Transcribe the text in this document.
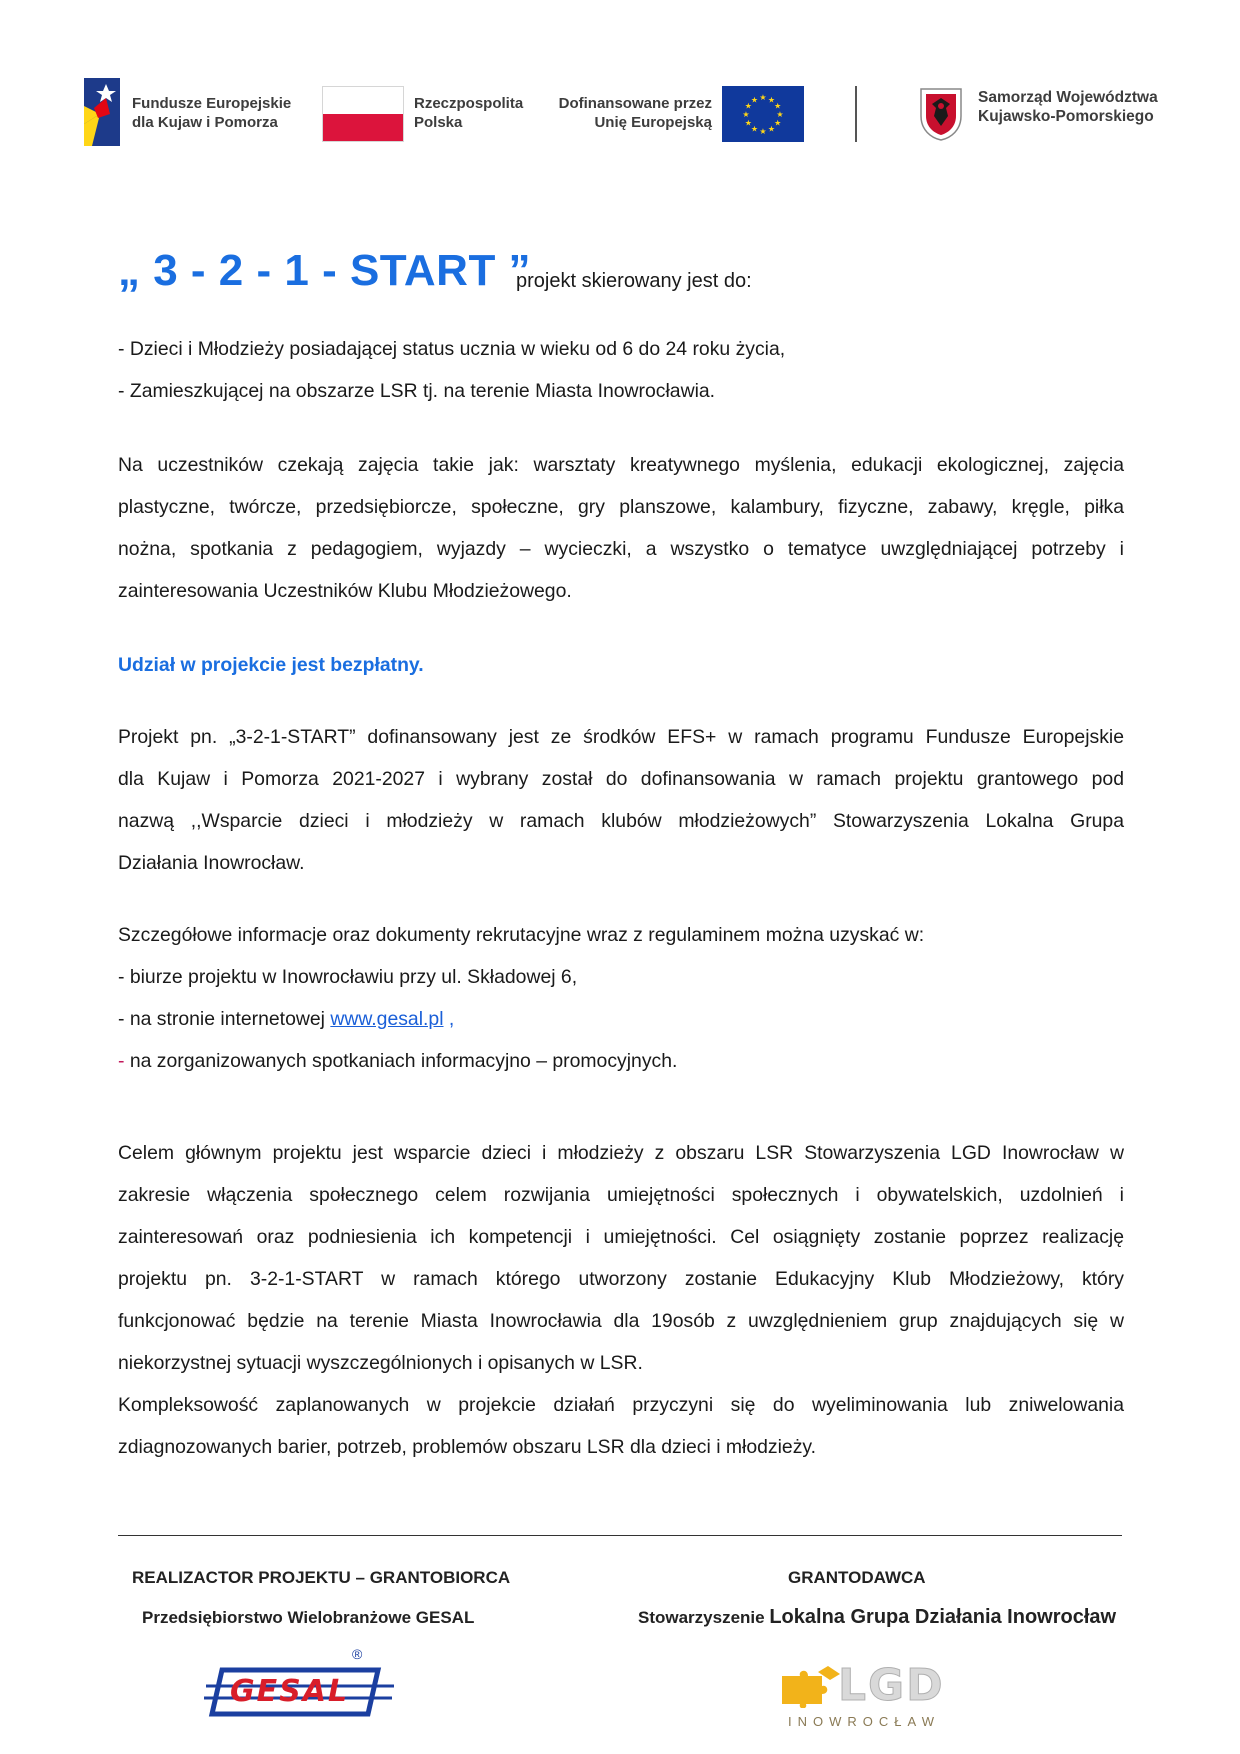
Fundusze Europejskie
dla Kujaw i Pomorza
Rzeczpospolita
Polska
Dofinansowane przez
Unię Europejską
★ ★
★
★
★
★
★
★
★
★
★
★	Samorząd Województwa
Kujawsko-Pomorskiego
„ 3 - 2 - 1 - START ”
projekt skierowany jest do:
- Dzieci i Młodzieży posiadającej status ucznia w wieku od 6 do 24 roku życia,
- Zamieszkującej na obszarze LSR tj. na terenie Miasta Inowrocławia.
Na uczestników czekają zajęcia takie jak: warsztaty kreatywnego myślenia, edukacji ekologicznej, zajęcia
plastyczne, twórcze, przedsiębiorcze, społeczne, gry planszowe, kalambury, fizyczne, zabawy, kręgle, piłka
nożna, spotkania z pedagogiem, wyjazdy – wycieczki, a wszystko o tematyce uwzględniającej potrzeby i
zainteresowania Uczestników Klubu Młodzieżowego.
Udział w projekcie jest bezpłatny.
Projekt pn. „3-2-1-START” dofinansowany jest ze środków EFS+ w ramach programu Fundusze Europejskie
dla Kujaw i Pomorza 2021-2027 i wybrany został do dofinansowania w ramach projektu grantowego pod
nazwą ,,Wsparcie dzieci i młodzieży w ramach klubów młodzieżowych” Stowarzyszenia Lokalna Grupa
Działania Inowrocław.
Szczegółowe informacje oraz dokumenty rekrutacyjne wraz z regulaminem można uzyskać w:
- biurze projektu w Inowrocławiu przy ul. Składowej 6,
- na stronie internetowej www.gesal.pl ,
- na zorganizowanych spotkaniach informacyjno – promocyjnych.
Celem głównym projektu jest wsparcie dzieci i młodzieży z obszaru LSR Stowarzyszenia LGD Inowrocław w
zakresie włączenia społecznego celem rozwijania umiejętności społecznych i obywatelskich, uzdolnień i
zainteresowań oraz podniesienia ich kompetencji i umiejętności. Cel osiągnięty zostanie poprzez realizację
projektu pn. 3-2-1-START w ramach którego utworzony zostanie Edukacyjny Klub Młodzieżowy, który
funkcjonować będzie na terenie Miasta Inowrocławia dla 19osób z uwzględnieniem grup znajdujących się w
niekorzystnej sytuacji wyszczególnionych i opisanych w LSR.
Kompleksowość zaplanowanych w projekcie działań przyczyni się do wyeliminowania lub zniwelowania
zdiagnozowanych barier, potrzeb, problemów obszaru LSR dla dzieci i młodzieży.
REALIZACTOR PROJEKTU – GRANTOBIORCA
Przedsiębiorstwo Wielobranżowe GESAL
GRANTODAWCA
Stowarzyszenie Lokalna Grupa Działania Inowrocław
GESAL
®
LGD
INOWROCŁAW
